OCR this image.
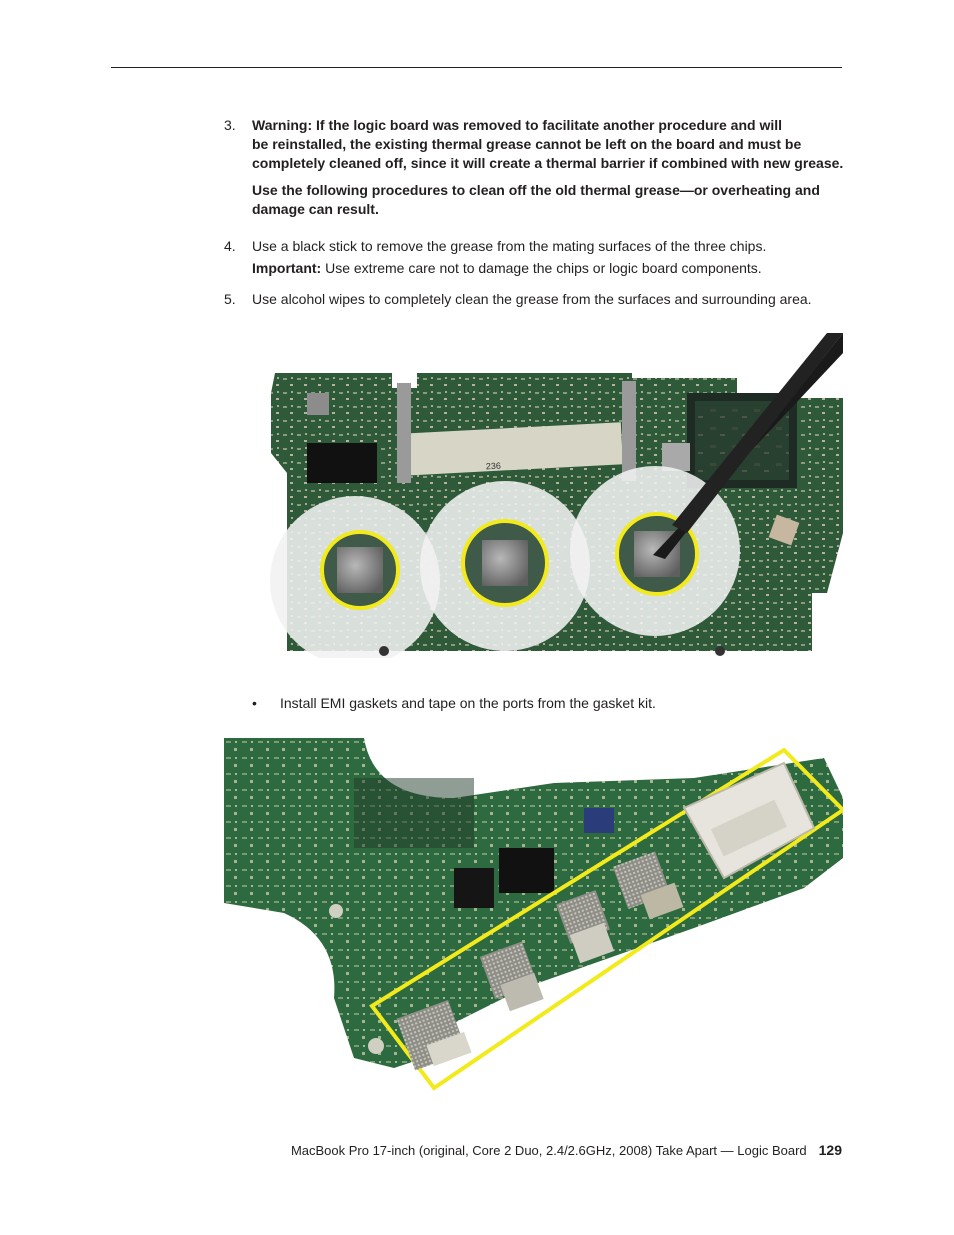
3.	Warning: If the logic board was removed to facilitate another procedure and will
be reinstalled, the existing thermal grease cannot be left on the board and must be
completely cleaned off, since it will create a thermal barrier if combined with new grease.
Use the following procedures to clean off the old thermal grease—or overheating and
damage can result.
4.	Use a black stick to remove the grease from the mating surfaces of the three chips.
Important: Use extreme care not to damage the chips or logic board components.
5.	Use alcohol wipes to completely clean the grease from the surfaces and surrounding area.
236
• Install EMI gaskets and tape on the ports from the gasket kit.
MacBook Pro 17-inch (original, Core 2 Duo, 2.4/2.6GHz, 2008) Take Apart — Logic Board 129
